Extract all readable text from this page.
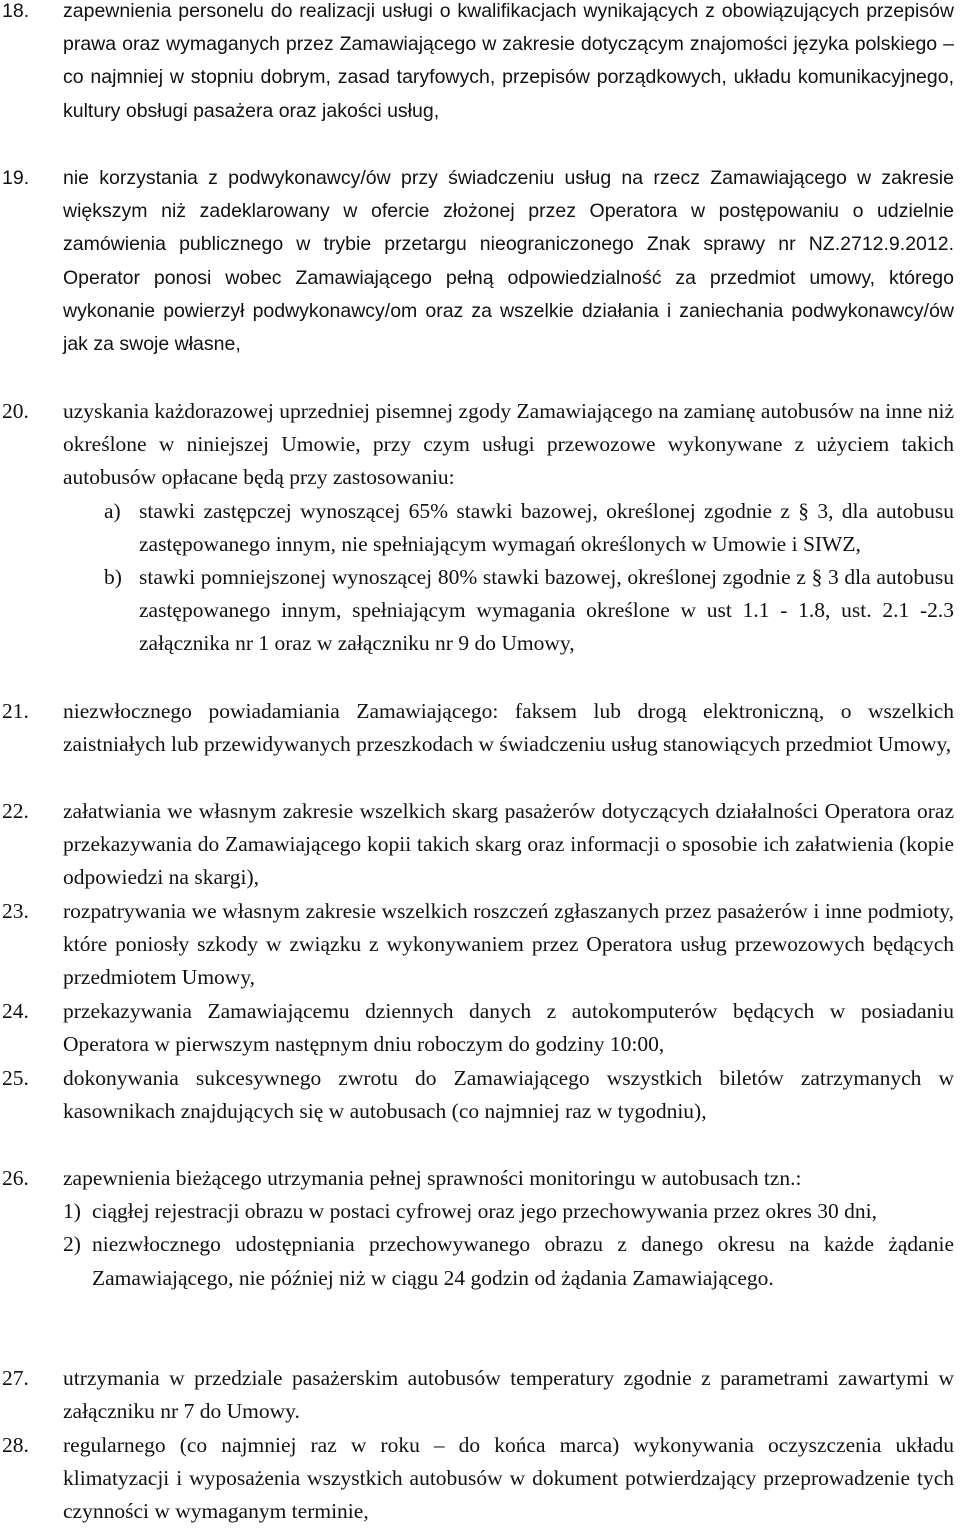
18.	zapewnienia personelu do realizacji usługi o kwalifikacjach wynikających z obowiązujących przepisów prawa oraz wymaganych przez Zamawiającego w zakresie dotyczącym znajomości języka polskiego – co najmniej w stopniu dobrym, zasad taryfowych, przepisów porządkowych, układu komunikacyjnego, kultury obsługi pasażera oraz jakości usług,
19.	nie korzystania z podwykonawcy/ów przy świadczeniu usług na rzecz Zamawiającego w zakresie większym niż zadeklarowany w ofercie złożonej przez Operatora w postępowaniu o udzielnie zamówienia publicznego w trybie przetargu nieograniczonego Znak sprawy nr NZ.2712.9.2012. Operator ponosi wobec Zamawiającego pełną odpowiedzialność za przedmiot umowy, którego wykonanie powierzył podwykonawcy/om oraz za wszelkie działania i zaniechania podwykonawcy/ów jak za swoje własne,
20.	uzyskania każdorazowej uprzedniej pisemnej zgody Zamawiającego na zamianę autobusów na inne niż określone w niniejszej Umowie, przy czym usługi przewozowe wykonywane z użyciem takich autobusów opłacane będą przy zastosowaniu:
a) stawki zastępczej wynoszącej 65% stawki bazowej, określonej zgodnie z § 3, dla autobusu zastępowanego innym, nie spełniającym wymagań określonych w Umowie i SIWZ,
b) stawki pomniejszonej wynoszącej 80% stawki bazowej, określonej zgodnie z § 3 dla autobusu zastępowanego innym, spełniającym wymagania określone w ust 1.1 - 1.8, ust. 2.1 -2.3 załącznika nr 1 oraz w załączniku nr 9 do Umowy,
21.	niezwłocznego powiadamiania Zamawiającego: faksem lub drogą elektroniczną, o wszelkich zaistniałych lub przewidywanych przeszkodach w świadczeniu usług stanowiących przedmiot Umowy,
22.	załatwiania we własnym zakresie wszelkich skarg pasażerów dotyczących działalności Operatora oraz przekazywania do Zamawiającego kopii takich skarg oraz informacji o sposobie ich załatwienia (kopie odpowiedzi na skargi),
23.	rozpatrywania we własnym zakresie wszelkich roszczeń zgłaszanych przez pasażerów i inne podmioty, które poniosły szkody w związku z wykonywaniem przez Operatora usług przewozowych będących przedmiotem Umowy,
24.	przekazywania Zamawiającemu dziennych danych z autokomputerów będących w posiadaniu Operatora w pierwszym następnym dniu roboczym do godziny 10:00,
25.	dokonywania sukcesywnego zwrotu do Zamawiającego wszystkich biletów zatrzymanych w kasownikach znajdujących się w autobusach (co najmniej raz w tygodniu),
26.	zapewnienia bieżącego utrzymania pełnej sprawności monitoringu w autobusach tzn.:
1) ciągłej rejestracji obrazu w postaci cyfrowej oraz jego przechowywania przez okres 30 dni,
2) niezwłocznego udostępniania przechowywanego obrazu z danego okresu na każde żądanie Zamawiającego, nie później niż w ciągu 24 godzin od żądania Zamawiającego.
27.	utrzymania w przedziale pasażerskim autobusów temperatury zgodnie z parametrami zawartymi w załączniku nr 7 do Umowy.
28.	regularnego (co najmniej raz w roku – do końca marca) wykonywania oczyszczenia układu klimatyzacji i wyposażenia wszystkich autobusów w dokument potwierdzający przeprowadzenie tych czynności w wymaganym terminie,
